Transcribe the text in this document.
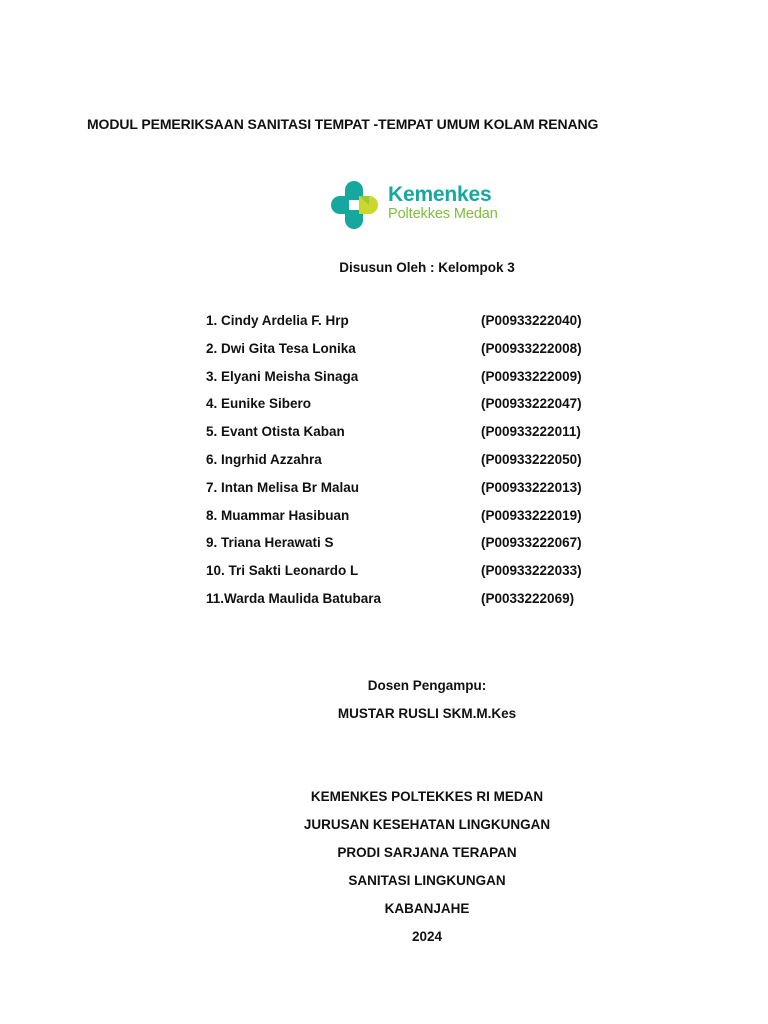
MODUL PEMERIKSAAN SANITASI TEMPAT -TEMPAT UMUM KOLAM RENANG
Kemenkes
Poltekkes Medan
Disusun Oleh : Kelompok 3
1. Cindy Ardelia F. Hrp	(P00933222040)
2. Dwi Gita Tesa Lonika	(P00933222008)
3. Elyani Meisha Sinaga	(P00933222009)
4. Eunike Sibero	(P00933222047)
5. Evant Otista Kaban	(P00933222011)
6. Ingrhid Azzahra	(P00933222050)
7. Intan Melisa Br Malau	(P00933222013)
8. Muammar Hasibuan	(P00933222019)
9. Triana Herawati S	(P00933222067)
10. Tri Sakti Leonardo L	(P00933222033)
11.Warda Maulida Batubara	(P0033222069)
Dosen Pengampu:
MUSTAR RUSLI SKM.M.Kes
KEMENKES POLTEKKES RI MEDAN
JURUSAN KESEHATAN LINGKUNGAN
PRODI SARJANA TERAPAN
SANITASI LINGKUNGAN
KABANJAHE
2024
